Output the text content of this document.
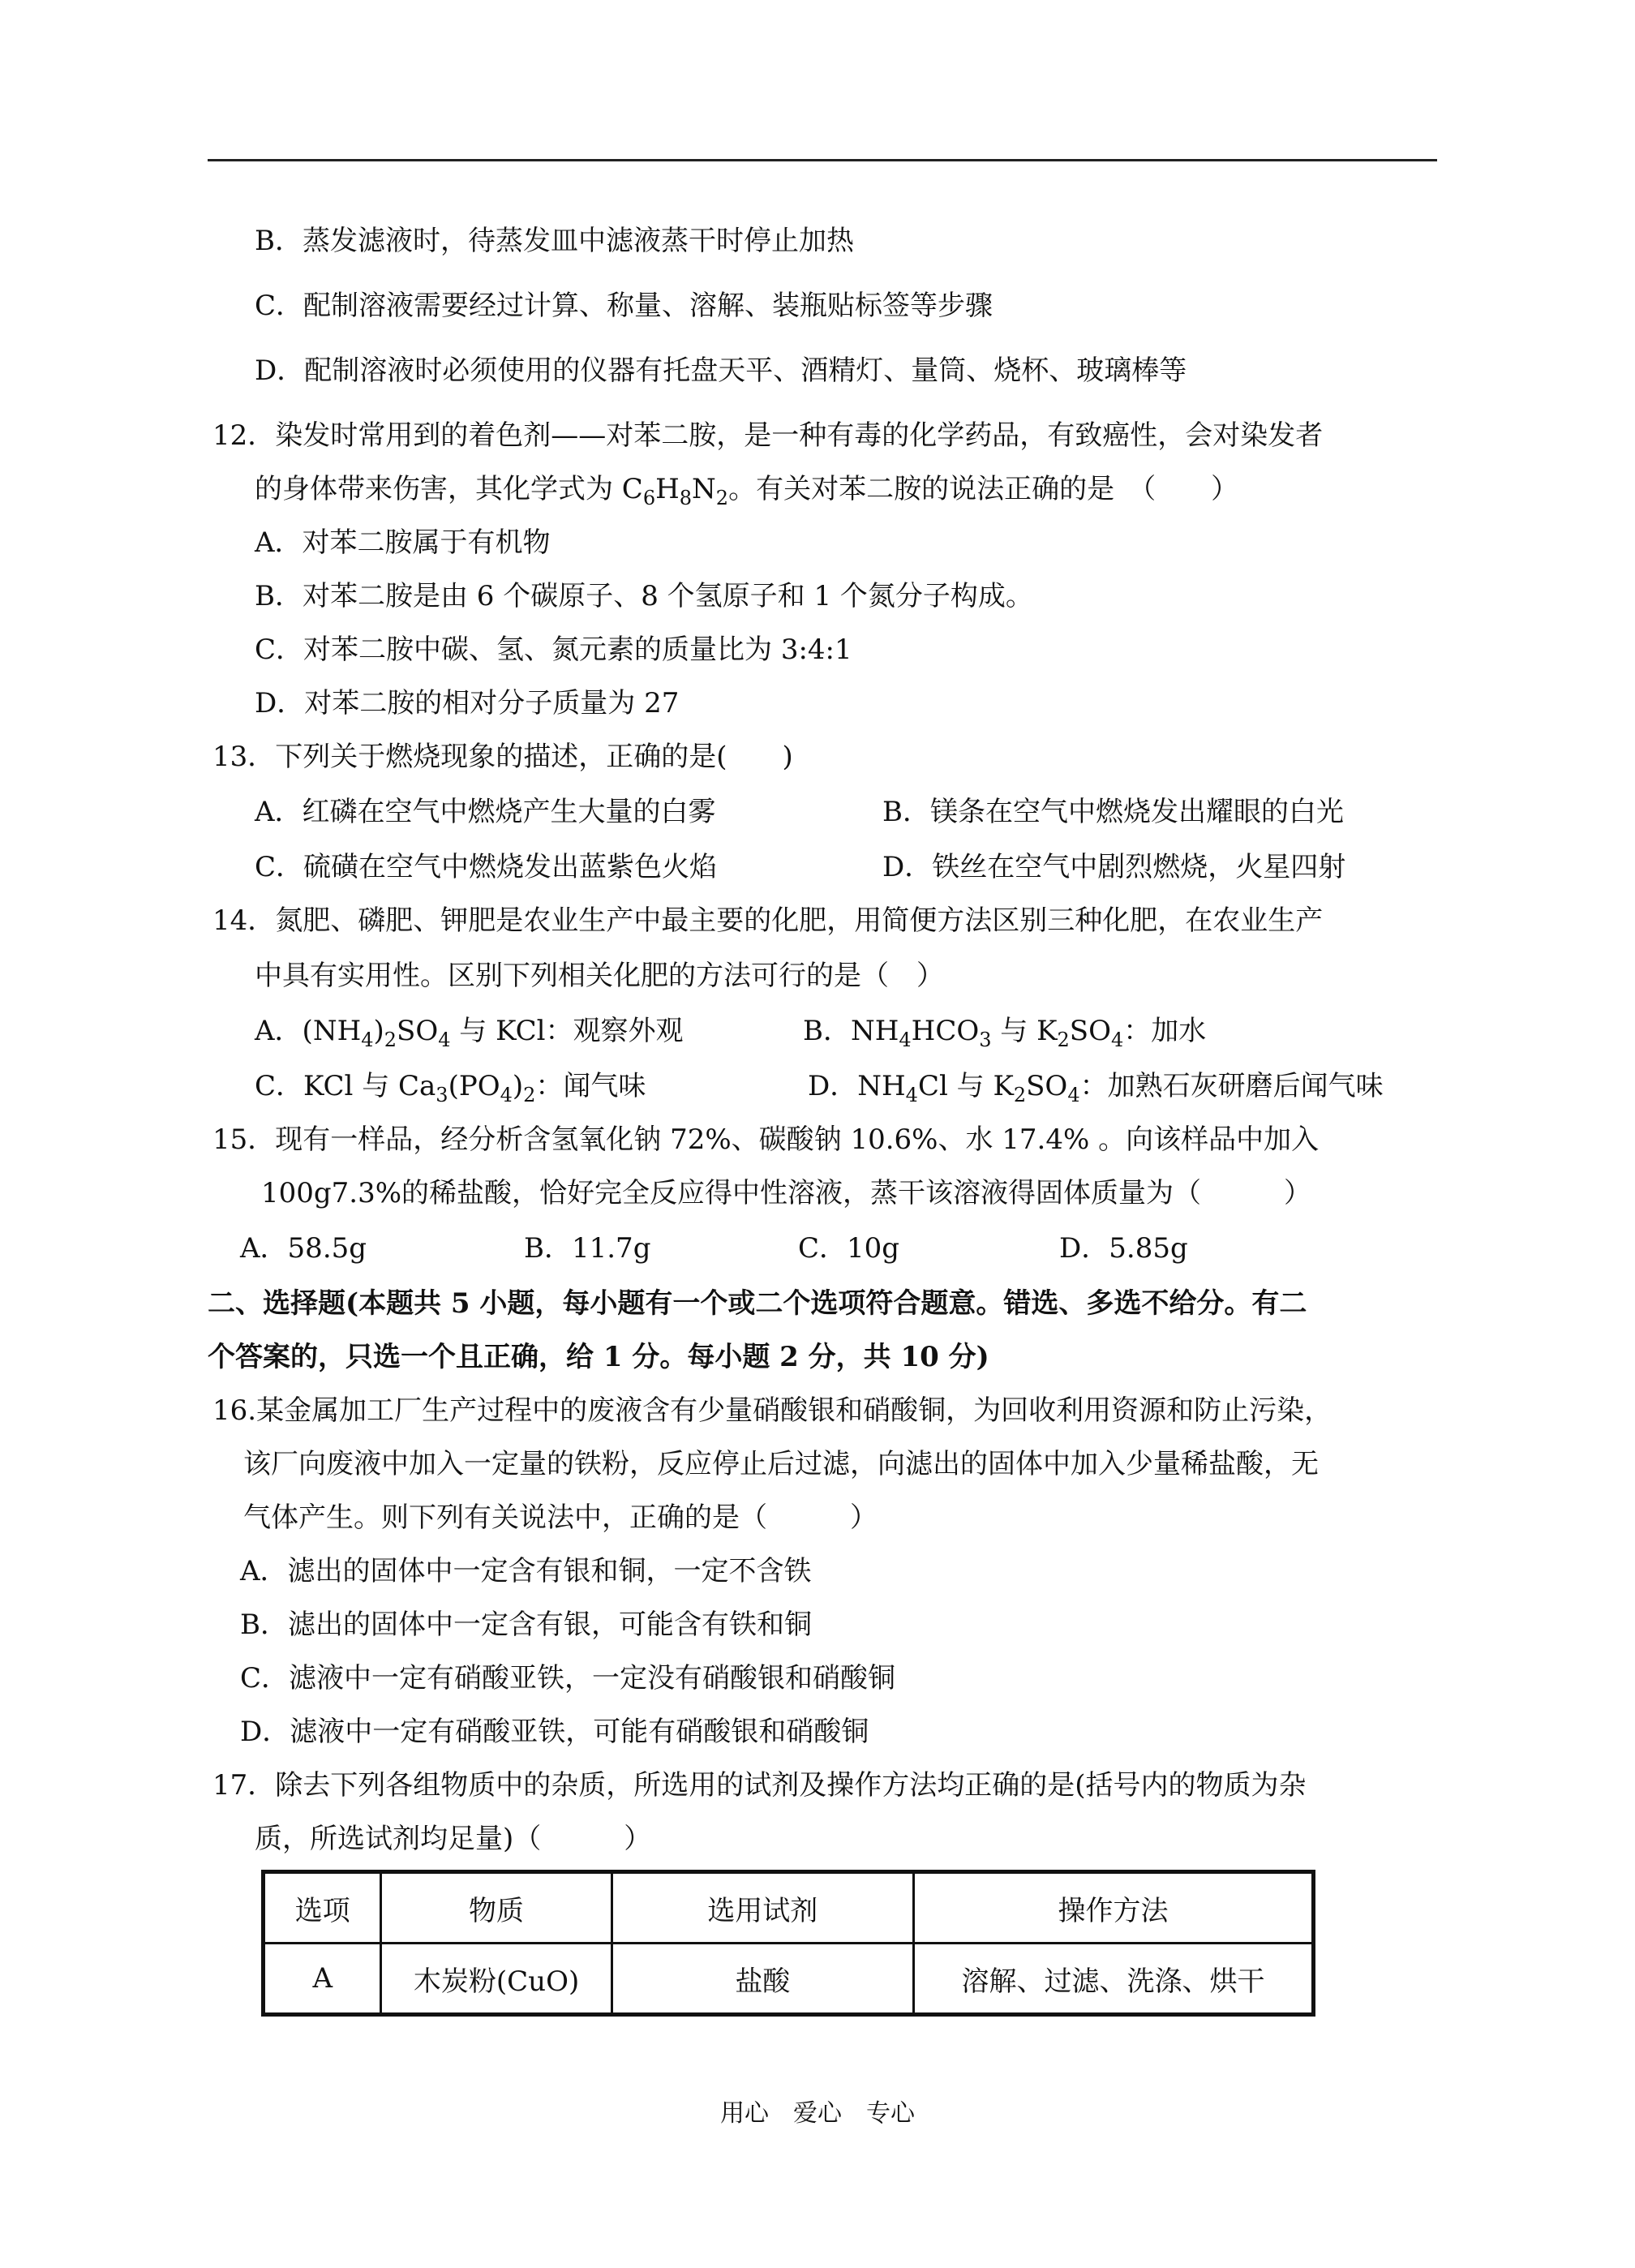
B．蒸发滤液时，待蒸发皿中滤液蒸干时停止加热
C．配制溶液需要经过计算、称量、溶解、装瓶贴标签等步骤
D．配制溶液时必须使用的仪器有托盘天平、酒精灯、量筒、烧杯、玻璃棒等
12．染发时常用到的着色剂——对苯二胺，是一种有毒的化学药品，有致癌性，会对染发者
的身体带来伤害，其化学式为 $C_6H_8N_2$。有关对苯二胺的说法正确的是　（　　）
A．对苯二胺属于有机物
B．对苯二胺是由 6 个碳原子、8 个氢原子和 1 个氮分子构成。
C．对苯二胺中碳、氢、氮元素的质量比为 3:4:1
D．对苯二胺的相对分子质量为 27
13．下列关于燃烧现象的描述，正确的是(　　)
A．红磷在空气中燃烧产生大量的白雾	B．镁条在空气中燃烧发出耀眼的白光
C．硫磺在空气中燃烧发出蓝紫色火焰	D．铁丝在空气中剧烈燃烧，火星四射
14．氮肥、磷肥、钾肥是农业生产中最主要的化肥，用简便方法区别三种化肥，在农业生产
中具有实用性。区别下列相关化肥的方法可行的是（　）
A．$(NH_4)_2SO_4$ 与 KCl：观察外观	B．$NH_4HCO_3$ 与 $K_2SO_4$：加水
C．KCl 与 $Ca_3(PO_4)_2$：闻气味	D．$NH_4Cl$ 与 $K_2SO_4$：加熟石灰研磨后闻气味
15．现有一样品，经分析含氢氧化钠 72%、碳酸钠 10.6%、水 17.4% 。向该样品中加入
100g7.3%的稀盐酸，恰好完全反应得中性溶液，蒸干该溶液得固体质量为（　　　）
A．58.5g	B．11.7g	C．10g	D．5.85g
二、选择题(本题共 5 小题，每小题有一个或二个选项符合题意。错选、多选不给分。有二
个答案的，只选一个且正确，给 1 分。每小题 2 分，共 10 分)
16.某金属加工厂生产过程中的废液含有少量硝酸银和硝酸铜，为回收利用资源和防止污染，
该厂向废液中加入一定量的铁粉，反应停止后过滤，向滤出的固体中加入少量稀盐酸，无
气体产生。则下列有关说法中，正确的是（　　　）
A．滤出的固体中一定含有银和铜，一定不含铁
B．滤出的固体中一定含有银，可能含有铁和铜
C．滤液中一定有硝酸亚铁，一定没有硝酸银和硝酸铜
D．滤液中一定有硝酸亚铁，可能有硝酸银和硝酸铜
17．除去下列各组物质中的杂质，所选用的试剂及操作方法均正确的是(括号内的物质为杂
质，所选试剂均足量)（　　　）
选项	物质	选用试剂	操作方法
A	木炭粉(CuO)	盐酸	溶解、过滤、洗涤、烘干
用心　爱心　专心
